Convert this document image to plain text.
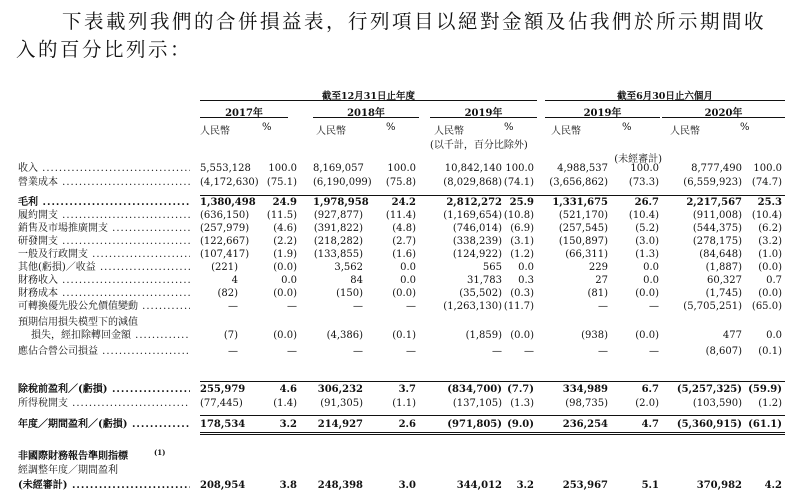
下表載列我們的合併損益表，行列項目以絕對金額及佔我們於所示期間收入的百分比列示：

截至12月31日止年度	截至6月30日止六個月
2017年	2018年	2019年	2019年	2020年
人民幣	%	人民幣	%	人民幣	%
(以千計，百分比除外)
人民幣	%	人民幣	%
(未經審計)
收入 .....	5,553,128	100.0 8,169,057	100.0	10,842,140 100.0	4,988,537	100.0	8,777,490	100.0
營業成本 .....	(4,172,630) (75.1) (6,190,099)	(75.8)	(8,029,868) (74.1)	(3,656,862)	(73.3)	(6,559,923) (74.7)
毛利 .....	1,380,498	24.9 1,978,958	24.2	2,812,272 25.9	1,331,675	26.7	2,217,567	25.3
履約開支 .....	(636,150)	(11.5) (927,877)	(11.4)	(1,169,654) (10.8)	(521,170)	(10.4)	(911,008) (10.4)
銷售及市場推廣開支 .....	(257,979)	(4.6) (391,822)	(4.8)	(746,014) (6.9)	(257,545)	(5.2)	(544,375)	(6.2)
研發開支 .....	(122,667)	(2.2) (218,282)	(2.7)	(338,239) (3.1)	(150,897)	(3.0)	(278,175)	(3.2)
一般及行政開支 .....	(107,417)	(1.9) (133,855)	(1.6)	(124,922) (1.2)	(66,311)	(1.3)	(84,648)	(1.0)
其他(虧損)／收益 .....	(221)	(0.0)	3,562	0.0	565	0.0	229	0.0	(1,887)	(0.0)
財務收入 .....	4	0.0	84	0.0	31,783	0.3	27	0.0	60,327	0.7
財務成本 .....	(82)	(0.0)	(150)	(0.0)	(35,502) (0.3)	(81)	(0.0)	(1,745)	(0.0)
可轉換優先股公允價值變動 .....	—	—	—	—	(1,263,130) (11.7)	—	—	(5,705,251) (65.0)
預期信用損失模型下的減值
損失，經扣除轉回金額 .....	(7)	(0.0)	(4,386)	(0.1)	(1,859) (0.0)	(938)	(0.0)	477	0.0
應佔合營公司損益 .....	—	—	—	—	—	—	—	—	(8,607)	(0.1)
除稅前盈利／(虧損) .....	255,979	4.6	306,232	3.7	(834,700) (7.7)	334,989	6.7	(5,257,325) (59.9)
所得稅開支 .....	(77,445)	(1.4)	(91,305)	(1.1)	(137,105) (1.3)	(98,735)	(2.0)	(103,590)	(1.2)
年度／期間盈利／(虧損) .....	178,534	3.2	214,927	2.6	(971,805) (9.0)	236,254	4.7	(5,360,915) (61.1)
非國際財務報告準則指標	(1)
經調整年度／期間盈利
(未經審計) .....	208,954	3.8	248,398	3.0	344,012	3.2	253,967	5.1	370,982	4.2
